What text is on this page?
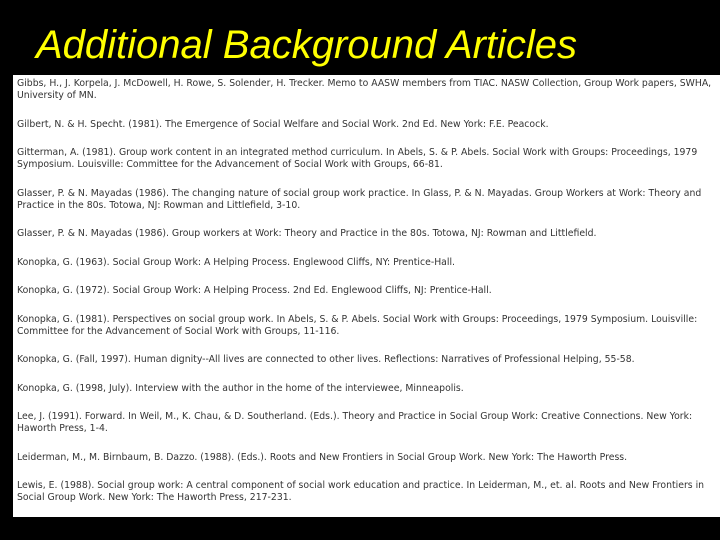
Additional Background Articles
Gibbs, H., J. Korpela, J. McDowell, H. Rowe, S. Solender, H. Trecker. Memo to AASW members from TIAC. NASW Collection, Group Work papers, SWHA, University of MN.
Gilbert, N. & H. Specht. (1981). The Emergence of Social Welfare and Social Work. 2nd Ed. New York: F.E. Peacock.
Gitterman, A. (1981). Group work content in an integrated method curriculum. In Abels, S. & P. Abels. Social Work with Groups: Proceedings, 1979 Symposium. Louisville: Committee for the Advancement of Social Work with Groups, 66-81.
Glasser, P. & N. Mayadas (1986). The changing nature of social group work practice. In Glass, P. & N. Mayadas. Group Workers at Work: Theory and Practice in the 80s. Totowa, NJ: Rowman and Littlefield, 3-10.
Glasser, P. & N. Mayadas (1986). Group workers at Work: Theory and Practice in the 80s. Totowa, NJ: Rowman and Littlefield.
Konopka, G. (1963). Social Group Work: A Helping Process. Englewood Cliffs, NY: Prentice-Hall.
Konopka, G. (1972). Social Group Work: A Helping Process. 2nd Ed. Englewood Cliffs, NJ: Prentice-Hall.
Konopka, G. (1981). Perspectives on social group work. In Abels, S. & P. Abels. Social Work with Groups: Proceedings, 1979 Symposium. Louisville: Committee for the Advancement of Social Work with Groups, 11-116.
Konopka, G. (Fall, 1997). Human dignity--All lives are connected to other lives. Reflections: Narratives of Professional Helping, 55-58.
Konopka, G. (1998, July). Interview with the author in the home of the interviewee, Minneapolis.
Lee, J. (1991). Forward. In Weil, M., K. Chau, & D. Southerland. (Eds.). Theory and Practice in Social Group Work: Creative Connections. New York: Haworth Press, 1-4.
Leiderman, M., M. Birnbaum, B. Dazzo. (1988). (Eds.). Roots and New Frontiers in Social Group Work. New York: The Haworth Press.
Lewis, E. (1988). Social group work: A central component of social work education and practice. In Leiderman, M., et. al. Roots and New Frontiers in Social Group Work. New York: The Haworth Press, 217-231.
